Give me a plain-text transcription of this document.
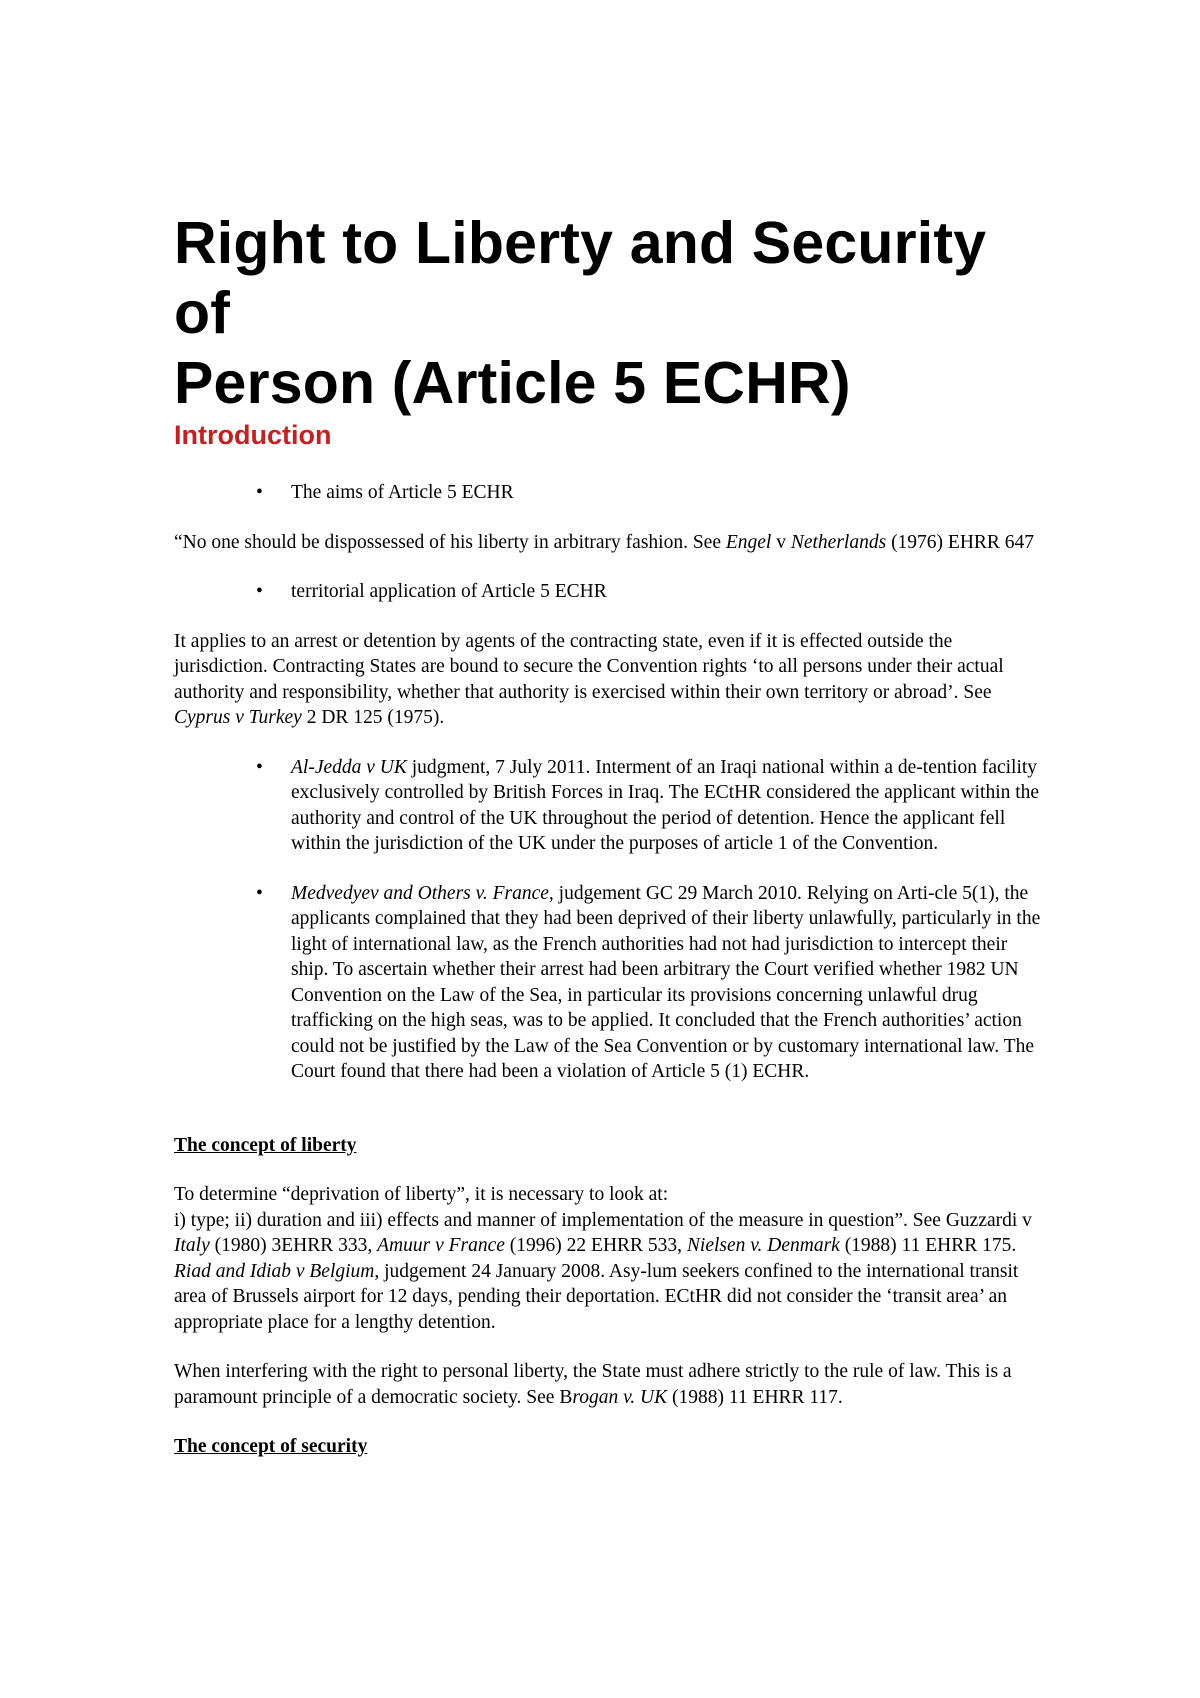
Right to Liberty and Security of
Person (Article 5 ECHR)
Introduction
• The aims of Article 5 ECHR

“No one should be dispossessed of his liberty in arbitrary fashion. See Engel v Netherlands (1976) EHRR 647

• territorial application of Article 5 ECHR

It applies to an arrest or detention by agents of the contracting state, even if it is effected outside the jurisdiction. Contracting States are bound to secure the Convention rights ‘to all persons under their actual authority and responsibility, whether that authority is exercised within their own territory or abroad’. See Cyprus v Turkey 2 DR 125 (1975).

• Al-Jedda v UK judgment, 7 July 2011. Interment of an Iraqi national within a de-tention facility exclusively controlled by British Forces in Iraq. The ECtHR considered the applicant within the authority and control of the UK throughout the period of detention. Hence the applicant fell within the jurisdiction of the UK under the purposes of article 1 of the Convention.
• Medvedyev and Others v. France, judgement GC 29 March 2010. Relying on Arti-cle 5(1), the applicants complained that they had been deprived of their liberty unlawfully, particularly in the light of international law, as the French authorities had not had jurisdiction to intercept their ship. To ascertain whether their arrest had been arbitrary the Court verified whether 1982 UN Convention on the Law of the Sea, in particular its provisions concerning unlawful drug trafficking on the high seas, was to be applied. It concluded that the French authorities’ action could not be justified by the Law of the Sea Convention or by customary international law. The Court found that there had been a violation of Article 5 (1) ECHR.

The concept of liberty

To determine “deprivation of liberty”, it is necessary to look at:
i) type; ii) duration and iii) effects and manner of implementation of the measure in question”. See Guzzardi v Italy (1980) 3EHRR 333, Amuur v France (1996) 22 EHRR 533, Nielsen v. Denmark (1988) 11 EHRR 175. Riad and Idiab v Belgium, judgement 24 January 2008. Asy-lum seekers confined to the international transit area of Brussels airport for 12 days, pending their deportation. ECtHR did not consider the ‘transit area’ an appropriate place for a lengthy detention.

When interfering with the right to personal liberty, the State must adhere strictly to the rule of law. This is a paramount principle of a democratic society. See Brogan v. UK (1988) 11 EHRR 117.

The concept of security
